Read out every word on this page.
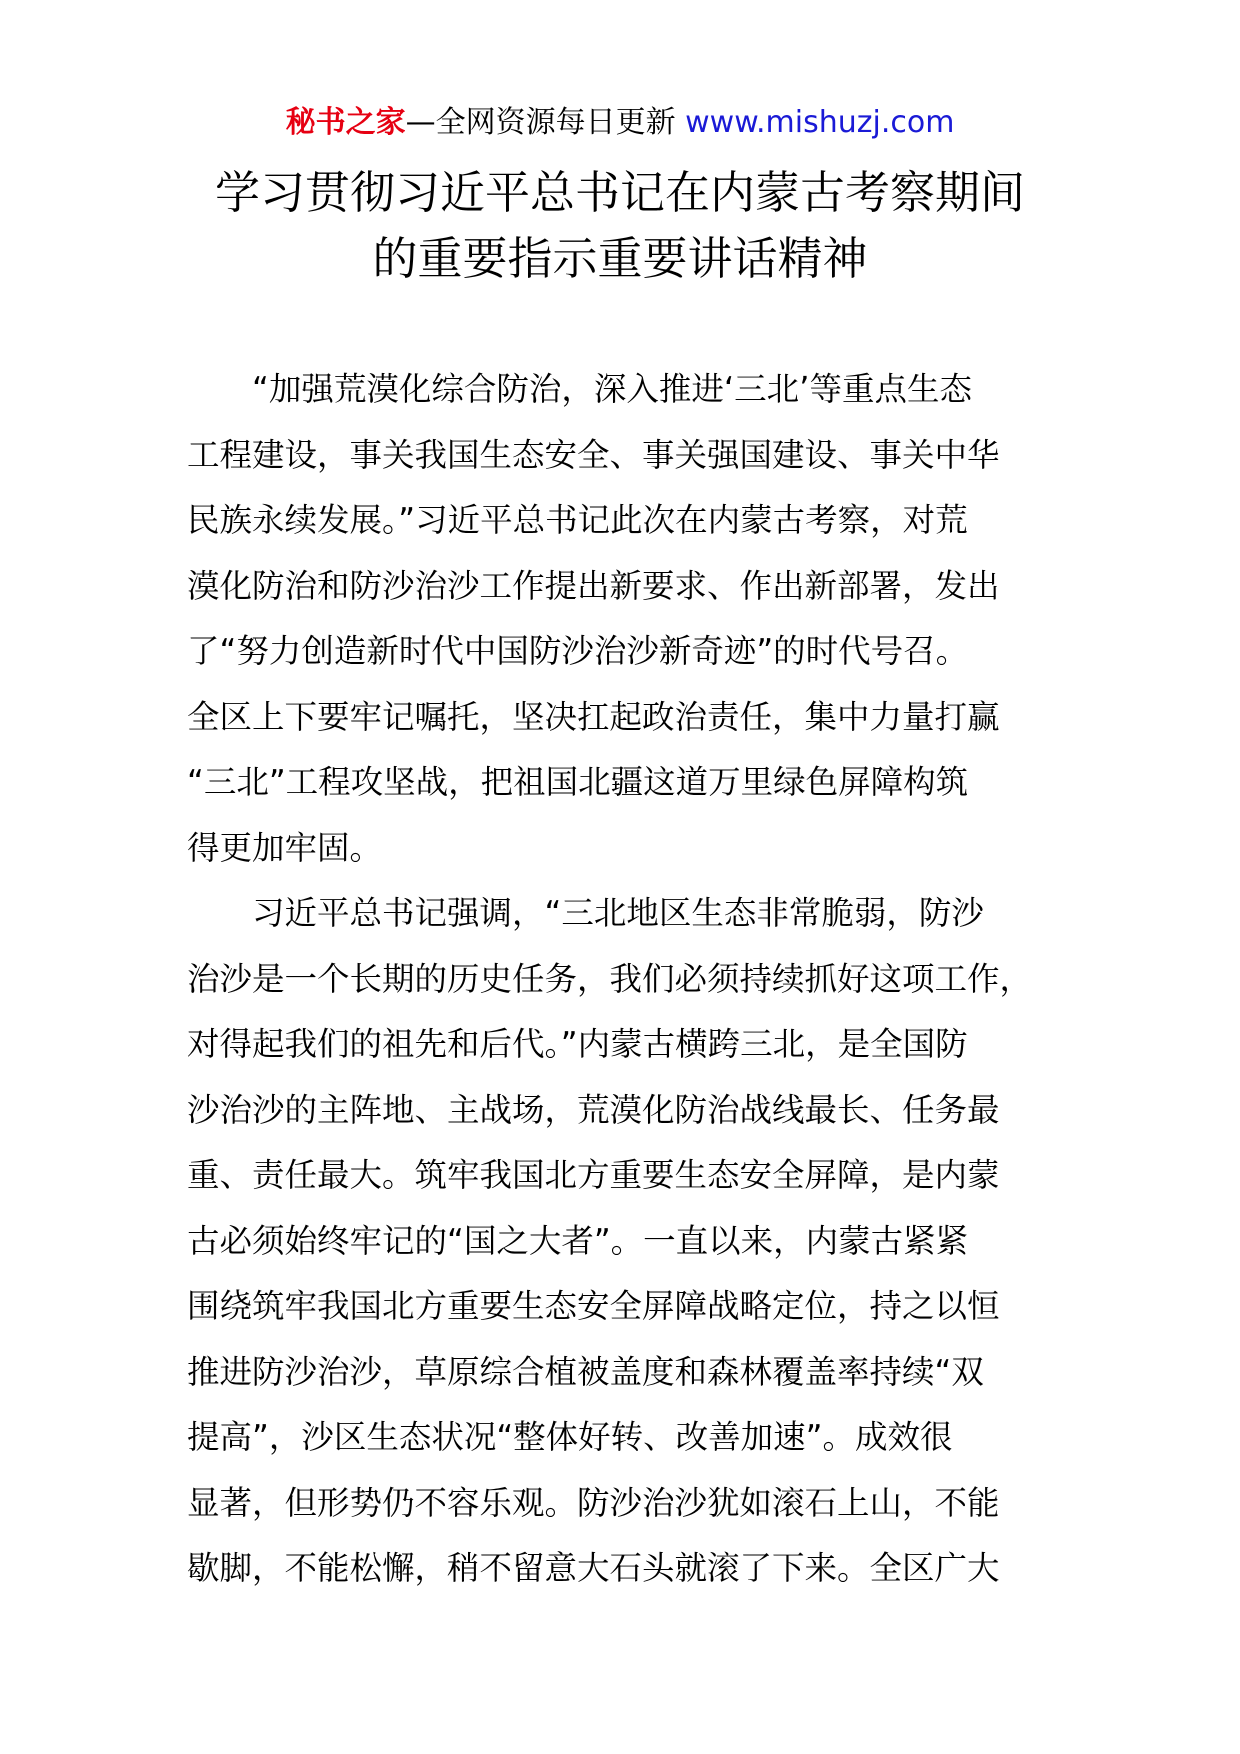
秘书之家—全网资源每日更新 www.mishuzj.com
学习贯彻习近平总书记在内蒙古考察期间
的重要指示重要讲话精神
　　“加强荒漠化综合防治，深入推进‘三北’等重点生态
工程建设，事关我国生态安全、事关强国建设、事关中华
民族永续发展。”习近平总书记此次在内蒙古考察，对荒
漠化防治和防沙治沙工作提出新要求、作出新部署，发出
了“努力创造新时代中国防沙治沙新奇迹”的时代号召。
全区上下要牢记嘱托，坚决扛起政治责任，集中力量打赢
“三北”工程攻坚战，把祖国北疆这道万里绿色屏障构筑
得更加牢固。
　　习近平总书记强调，“三北地区生态非常脆弱，防沙
治沙是一个长期的历史任务，我们必须持续抓好这项工作，
对得起我们的祖先和后代。”内蒙古横跨三北，是全国防
沙治沙的主阵地、主战场，荒漠化防治战线最长、任务最
重、责任最大。筑牢我国北方重要生态安全屏障，是内蒙
古必须始终牢记的“国之大者”。一直以来，内蒙古紧紧
围绕筑牢我国北方重要生态安全屏障战略定位，持之以恒
推进防沙治沙，草原综合植被盖度和森林覆盖率持续“双
提高”，沙区生态状况“整体好转、改善加速”。成效很
显著，但形势仍不容乐观。防沙治沙犹如滚石上山，不能
歇脚，不能松懈，稍不留意大石头就滚了下来。全区广大
